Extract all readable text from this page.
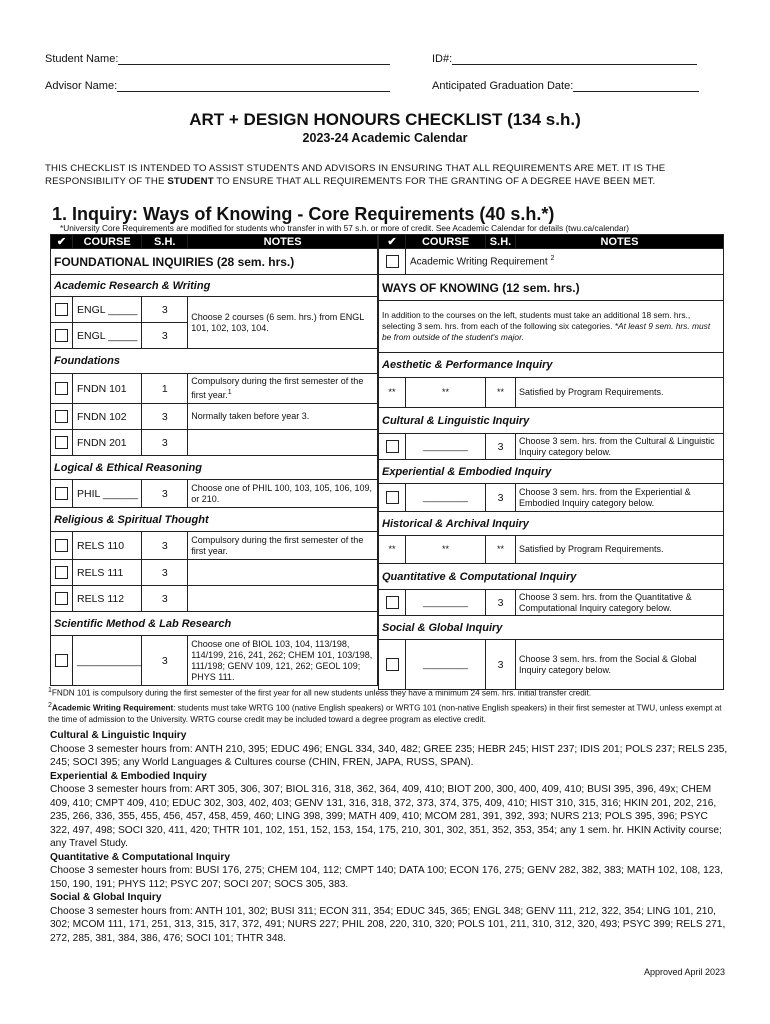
Student Name:	ID#:
Advisor Name:	Anticipated Graduation Date:
ART + DESIGN HONOURS CHECKLIST (134 s.h.)
2023-24 Academic Calendar
THIS CHECKLIST IS INTENDED TO ASSIST STUDENTS AND ADVISORS IN ENSURING THAT ALL REQUIREMENTS ARE MET. IT IS THE RESPONSIBILITY OF THE STUDENT TO ENSURE THAT ALL REQUIREMENTS FOR THE GRANTING OF A DEGREE HAVE BEEN MET.
1. Inquiry: Ways of Knowing - Core Requirements (40 s.h.*)
*University Core Requirements are modified for students who transfer in with 57 s.h. or more of credit. See Academic Calendar for details (twu.ca/calendar)
✔	COURSE	S.H.	NOTES
FOUNDATIONAL INQUIRIES (28 sem. hrs.)			
Academic Research & Writing			
	ENGL _____	3	Choose 2 courses (6 sem. hrs.) from ENGL 101, 102, 103, 104.
	ENGL _____	3	
Foundations			
	FNDN 101	1	Compulsory during the first semester of the first year.$^1$
	FNDN 102	3	Normally taken before year 3.
	FNDN 201	3	
Logical & Ethical Reasoning			
	PHIL ______	3	Choose one of PHIL 100, 103, 105, 106, 109, or 210.
Religious & Spiritual Thought			
	RELS 110	3	Compulsory during the first semester of the first year.
	RELS 111	3	
	RELS 112	3	
Scientific Method & Lab Research			
	___________	3	Choose one of BIOL 103, 104, 113/198, 114/199, 216, 241, 262; CHEM 101, 103/198, 111/198; GENV 109, 121, 262; GEOL 109; PHYS 111.
✔	COURSE	S.H.	NOTES
	Academic Writing Requirement $^2$
WAYS OF KNOWING (12 sem. hrs.)			
In addition to the courses on the left, students must take an additional 18 sem. hrs., selecting 3 sem. hrs. from each of the following six categories. *At least 9 sem. hrs. must be from outside of the student's major.			
Aesthetic & Performance Inquiry			
**	**	**	Satisfied by Program Requirements.
Cultural & Linguistic Inquiry			
	_________	3	Choose 3 sem. hrs. from the Cultural & Linguistic Inquiry category below.
Experiential & Embodied Inquiry			
	_________	3	Choose 3 sem. hrs. from the Experiential & Embodied Inquiry category below.
Historical & Archival Inquiry			
**	**	**	Satisfied by Program Requirements.
Quantitative & Computational Inquiry			
	_________	3	Choose 3 sem. hrs. from the Quantitative & Computational Inquiry category below.
Social & Global Inquiry			
	_________	3	Choose 3 sem. hrs. from the Social & Global Inquiry category below.
$^1$FNDN 101 is compulsory during the first semester of the first year for all new students unless they have a minimum 24 sem. hrs. initial transfer credit.
$^2$Academic Writing Requirement: students must take WRTG 100 (native English speakers) or WRTG 101 (non-native English speakers) in their first semester at TWU, unless exempt at the time of admission to the University. WRTG course credit may be included toward a degree program as elective credit.
Cultural & Linguistic Inquiry
Choose 3 semester hours from: ANTH 210, 395; EDUC 496; ENGL 334, 340, 482; GREE 235; HEBR 245; HIST 237; IDIS 201; POLS 237; RELS 235, 245; SOCI 395; any World Languages & Cultures course (CHIN, FREN, JAPA, RUSS, SPAN).
Experiential & Embodied Inquiry
Choose 3 semester hours from: ART 305, 306, 307; BIOL 316, 318, 362, 364, 409, 410; BIOT 200, 300, 400, 409, 410; BUSI 395, 396, 49x; CHEM 409, 410; CMPT 409, 410; EDUC 302, 303, 402, 403; GENV 131, 316, 318, 372, 373, 374, 375, 409, 410; HIST 310, 315, 316; HKIN 201, 202, 216, 235, 266, 336, 355, 455, 456, 457, 458, 459, 460; LING 398, 399; MATH 409, 410; MCOM 281, 391, 392, 393; NURS 213; POLS 395, 396; PSYC 322, 497, 498; SOCI 320, 411, 420; THTR 101, 102, 151, 152, 153, 154, 175, 210, 301, 302, 351, 352, 353, 354; any 1 sem. hr. HKIN Activity course; any Travel Study.
Quantitative & Computational Inquiry
Choose 3 semester hours from: BUSI 176, 275; CHEM 104, 112; CMPT 140; DATA 100; ECON 176, 275; GENV 282, 382, 383; MATH 102, 108, 123, 150, 190, 191; PHYS 112; PSYC 207; SOCI 207; SOCS 305, 383.
Social & Global Inquiry
Choose 3 semester hours from: ANTH 101, 302; BUSI 311; ECON 311, 354; EDUC 345, 365; ENGL 348; GENV 111, 212, 322, 354; LING 101, 210, 302; MCOM 111, 171, 251, 313, 315, 317, 372, 491; NURS 227; PHIL 208, 220, 310, 320; POLS 101, 211, 310, 312, 320, 493; PSYC 399; RELS 271, 272, 285, 381, 384, 386, 476; SOCI 101; THTR 348.
Approved April 2023
